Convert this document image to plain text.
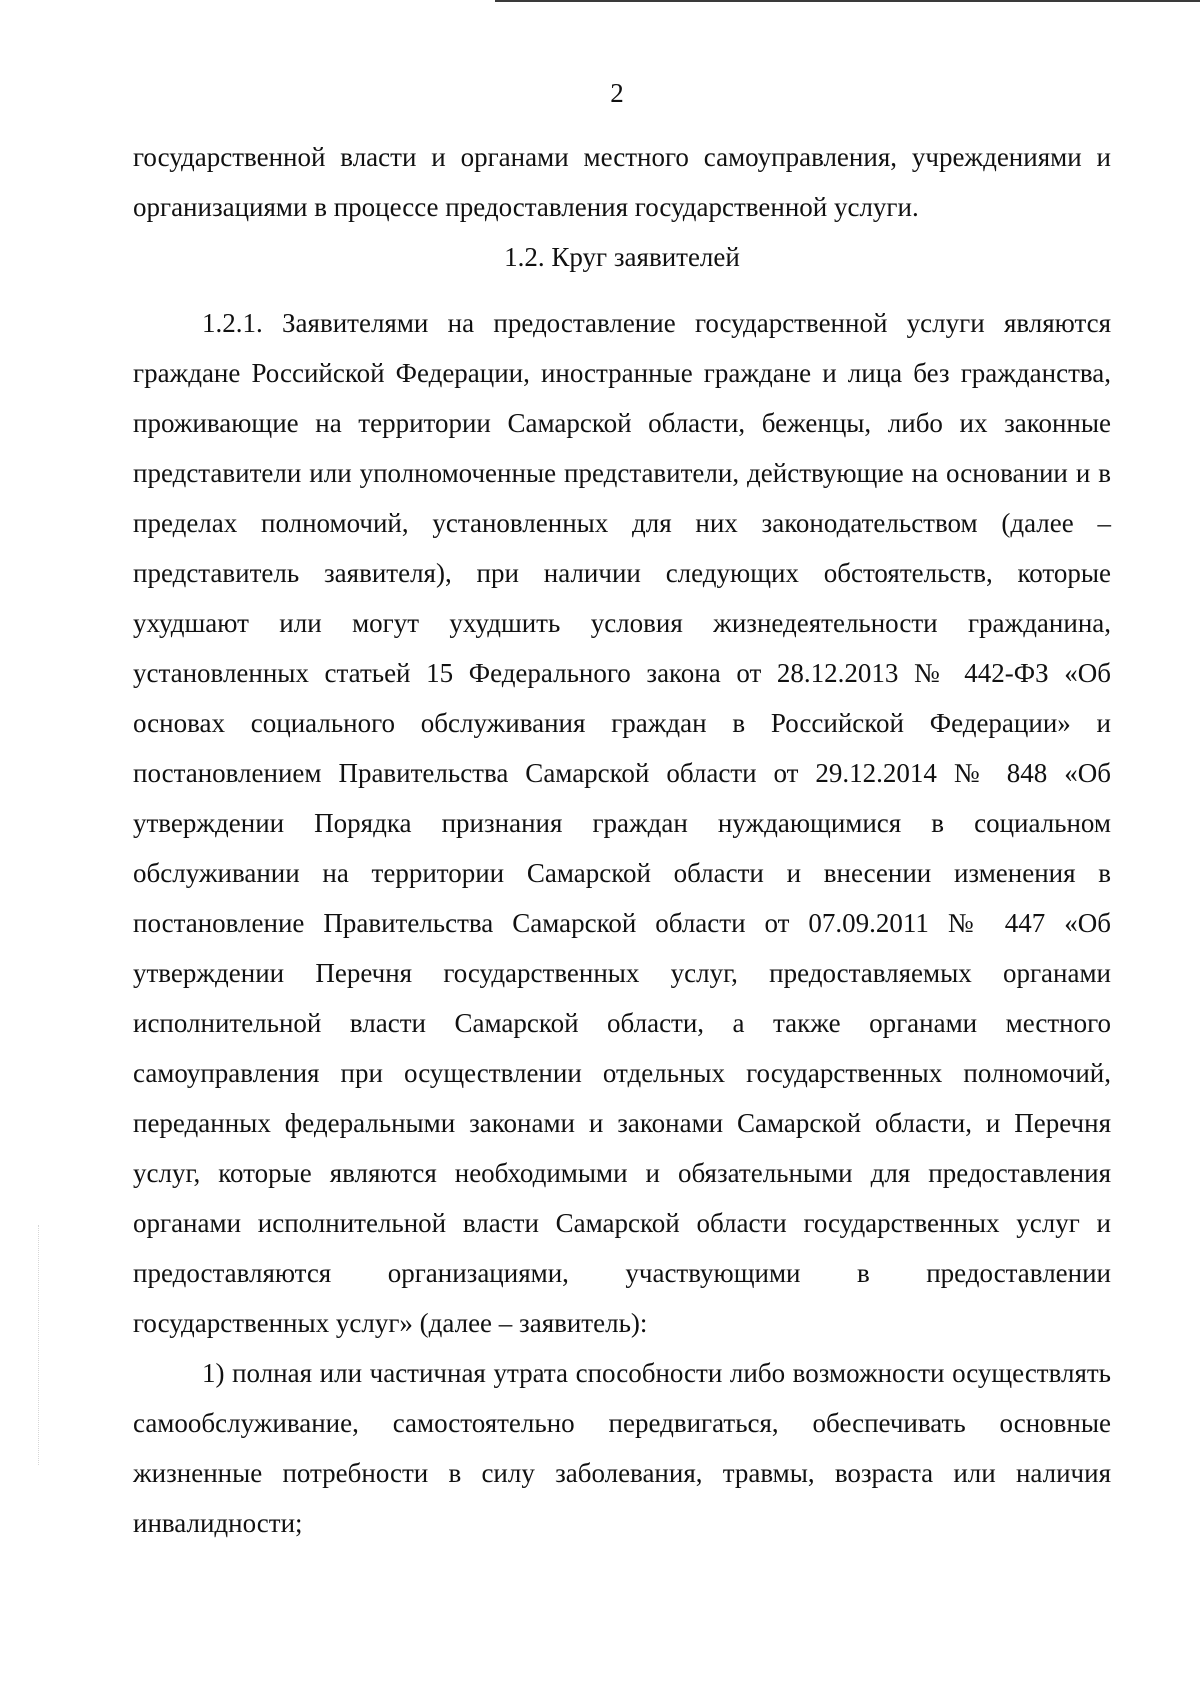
2

государственной власти и органами местного самоуправления, учреждениями и организациями в процессе предоставления государственной услуги.

1.2. Круг заявителей

1.2.1. Заявителями на предоставление государственной услуги являются граждане Российской Федерации, иностранные граждане и лица без гражданства, проживающие на территории Самарской области, беженцы, либо их законные представители или уполномоченные представители, действующие на основании и в пределах полномочий, установленных для них законодательством (далее – представитель заявителя), при наличии следующих обстоятельств, которые ухудшают или могут ухудшить условия жизнедеятельности гражданина, установленных статьей 15 Федерального закона от 28.12.2013 № 442-ФЗ «Об основах социального обслуживания граждан в Российской Федерации» и постановлением Правительства Самарской области от 29.12.2014 № 848 «Об утверждении Порядка признания граждан нуждающимися в социальном обслуживании на территории Самарской области и внесении изменения в постановление Правительства Самарской области от 07.09.2011 № 447 «Об утверждении Перечня государственных услуг, предоставляемых органами исполнительной власти Самарской области, а также органами местного самоуправления при осуществлении отдельных государственных полномочий, переданных федеральными законами и законами Самарской области, и Перечня услуг, которые являются необходимыми и обязательными для предоставления органами исполнительной власти Самарской области государственных услуг и предоставляются организациями, участвующими в предоставлении государственных услуг» (далее – заявитель):

1) полная или частичная утрата способности либо возможности осуществлять самообслуживание, самостоятельно передвигаться, обеспечивать основные жизненные потребности в силу заболевания, травмы, возраста или наличия инвалидности;
